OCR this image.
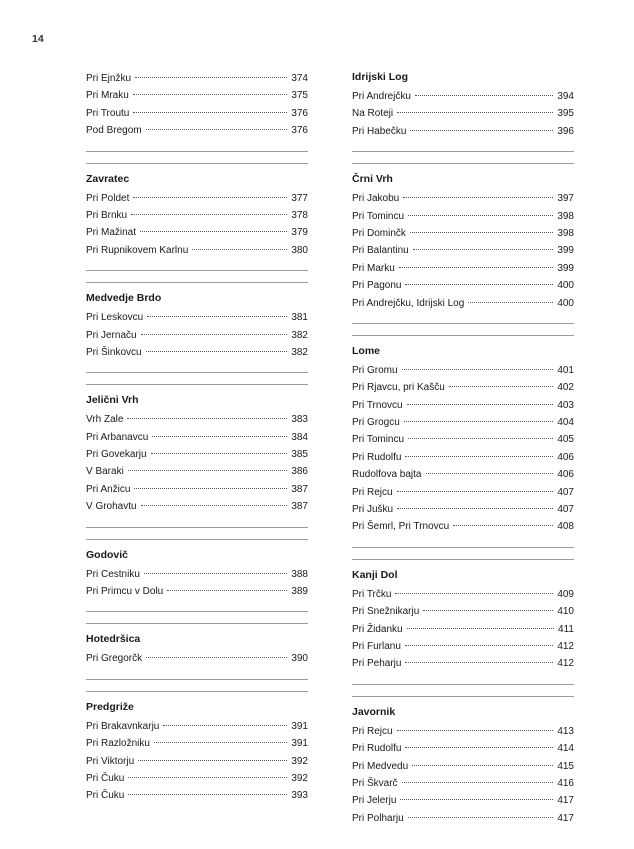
14
Pri Ejnžku	374
Pri Mraku	375
Pri Troutu	376
Pod Bregom	376
Zavratec
Pri Poldet	377
Pri Brnku	378
Pri Mažinat	379
Pri Rupnikovem Karlnu	380
Medvedje Brdo
Pri Leskovcu	381
Pri Jernaču	382
Pri Šinkovcu	382
Jelični Vrh
Vrh Zale	383
Pri Arbanavcu	384
Pri Govekarju	385
V Baraki	386
Pri Anžicu	387
V Grohavtu	387
Godovič
Pri Cestniku	388
Pri Primcu v Dolu	389
Hotedršica
Pri Gregorčk	390
Predgriže
Pri Brakavnkarju	391
Pri Razložniku	391
Pri Viktorju	392
Pri Čuku	392
Pri Čuku	393
Idrijski Log
Pri Andrejčku	394
Na Roteji	395
Pri Habečku	396
Črni Vrh
Pri Jakobu	397
Pri Tomincu	398
Pri Dominčk	398
Pri Balantinu	399
Pri Marku	399
Pri Pagonu	400
Pri Andrejčku, Idrijski Log	400
Lome
Pri Gromu	401
Pri Rjavcu, pri Kašču	402
Pri Trnovcu	403
Pri Grogcu	404
Pri Tomincu	405
Pri Rudolfu	406
Rudolfova bajta	406
Pri Rejcu	407
Pri Jušku	407
Pri Šemrl, Pri Trnovcu	408
Kanji Dol
Pri Trčku	409
Pri Snežnikarju	410
Pri Židanku	411
Pri Furlanu	412
Pri Peharju	412
Javornik
Pri Rejcu	413
Pri Rudolfu	414
Pri Medvedu	415
Pri Škvarč	416
Pri Jelerju	417
Pri Polharju	417
